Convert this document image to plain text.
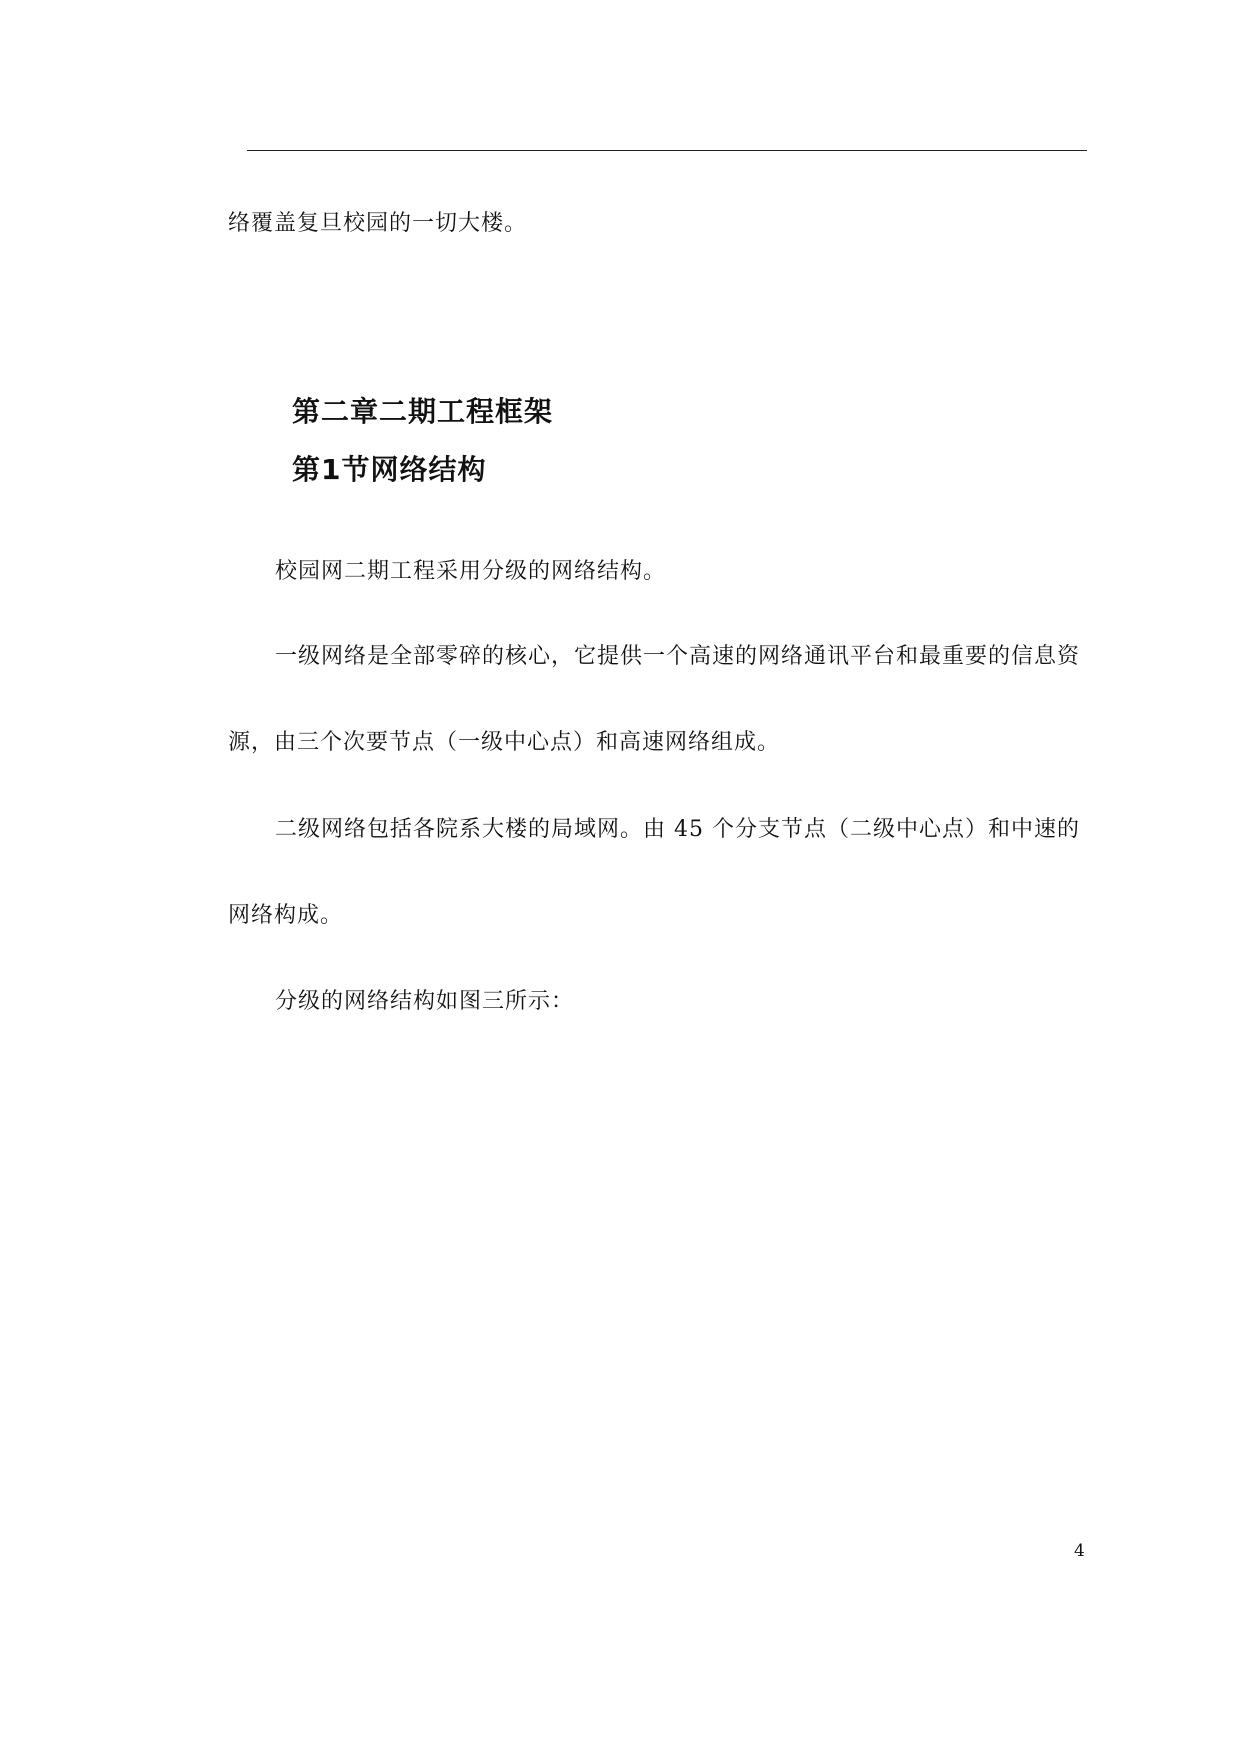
络覆盖复旦校园的一切大楼。

第二章二期工程框架
第1节网络结构

校园网二期工程采用分级的网络结构。

一级网络是全部零碎的核心，它提供一个高速的网络通讯平台和最重要的信息资

源，由三个次要节点（一级中心点）和高速网络组成。

二级网络包括各院系大楼的局域网。由 45 个分支节点（二级中心点）和中速的

网络构成。

分级的网络结构如图三所示：

4
